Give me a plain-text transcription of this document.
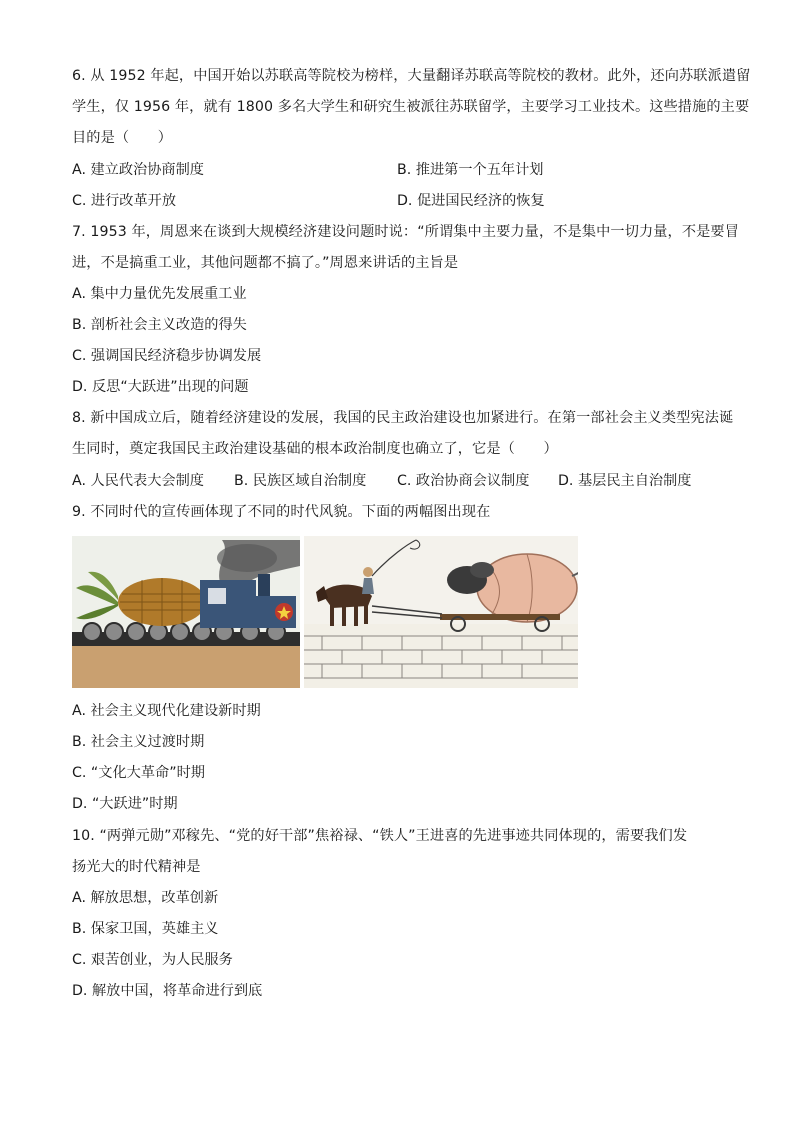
6. 从 1952 年起，中国开始以苏联高等院校为榜样，大量翻译苏联高等院校的教材。此外，还向苏联派遣留
学生，仅 1956 年，就有 1800 多名大学生和研究生被派往苏联留学，主要学习工业技术。这些措施的主要
目的是（　　）
A. 建立政治协商制度	B. 推进第一个五年计划
C. 进行改革开放	D. 促进国民经济的恢复
7. 1953 年，周恩来在谈到大规模经济建设问题时说：“所谓集中主要力量，不是集中一切力量，不是要冒
进，不是搞重工业，其他问题都不搞了。”周恩来讲话的主旨是
A. 集中力量优先发展重工业
B. 剖析社会主义改造的得失
C. 强调国民经济稳步协调发展
D. 反思“大跃进”出现的问题
8. 新中国成立后，随着经济建设的发展，我国的民主政治建设也加紧进行。在第一部社会主义类型宪法诞
生同时，奠定我国民主政治建设基础的根本政治制度也确立了，它是（　　）
A. 人民代表大会制度 B. 民族区域自治制度 C. 政治协商会议制度 D. 基层民主自治制度
9. 不同时代的宣传画体现了不同的时代风貌。下面的两幅图出现在
A. 社会主义现代化建设新时期
B. 社会主义过渡时期
C. “文化大革命”时期
D. “大跃进”时期
10. “两弹元勋”邓稼先、“党的好干部”焦裕禄、“铁人”王进喜的先进事迹共同体现的，需要我们发
扬光大的时代精神是
A. 解放思想，改革创新
B. 保家卫国，英雄主义
C. 艰苦创业，为人民服务
D. 解放中国，将革命进行到底
